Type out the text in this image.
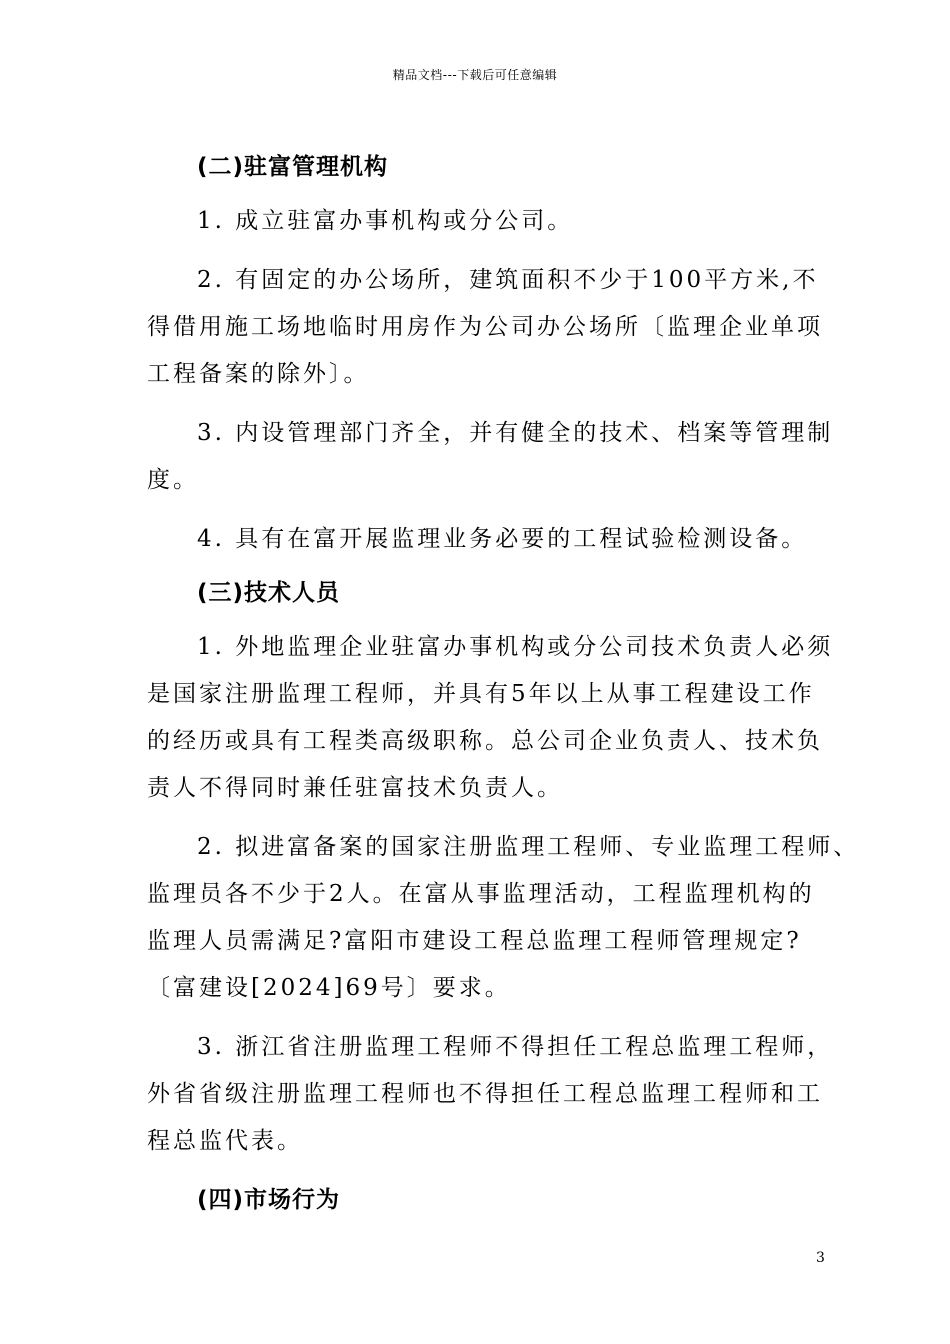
精品文档---下载后可任意编辑
(二)驻富管理机构
1. 成立驻富办事机构或分公司。
2. 有固定的办公场所，建筑面积不少于100平方米,不
得借用施工场地临时用房作为公司办公场所〔监理企业单项
工程备案的除外〕。
3. 内设管理部门齐全，并有健全的技术、档案等管理制
度。
4. 具有在富开展监理业务必要的工程试验检测设备。
(三)技术人员
1. 外地监理企业驻富办事机构或分公司技术负责人必须
是国家注册监理工程师，并具有5年以上从事工程建设工作
的经历或具有工程类高级职称。总公司企业负责人、技术负
责人不得同时兼任驻富技术负责人。
2. 拟进富备案的国家注册监理工程师、专业监理工程师、
监理员各不少于2人。在富从事监理活动，工程监理机构的
监理人员需满足?富阳市建设工程总监理工程师管理规定?
〔富建设[2024]69号〕要求。
3. 浙江省注册监理工程师不得担任工程总监理工程师，
外省省级注册监理工程师也不得担任工程总监理工程师和工
程总监代表。
(四)市场行为
3
